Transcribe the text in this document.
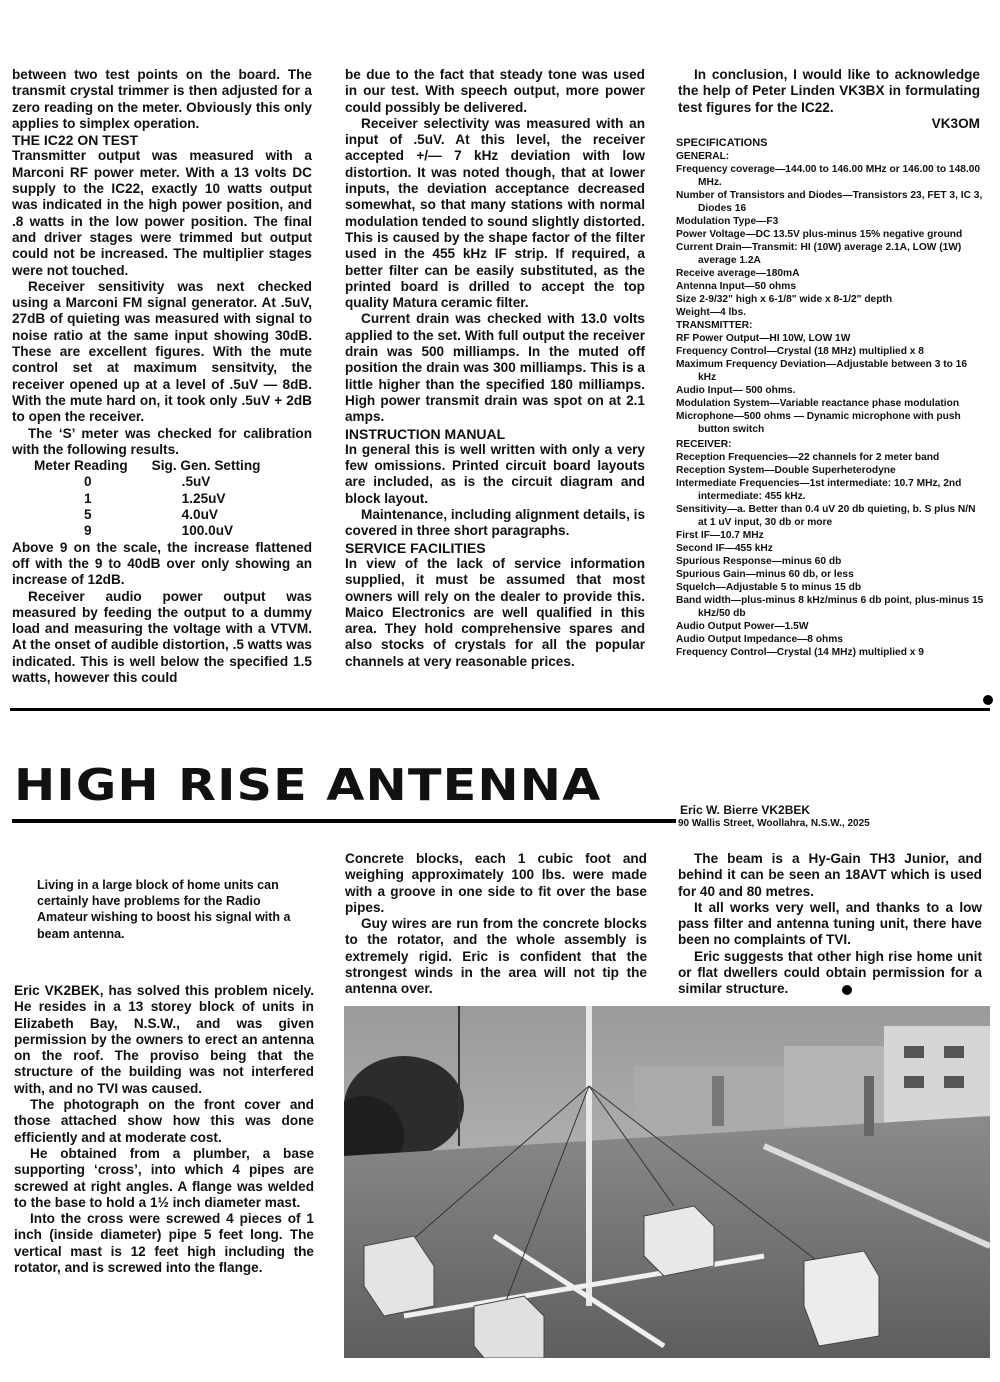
between two test points on the board. The transmit crystal trimmer is then adjusted for a zero reading on the meter. Obviously this only applies to simplex operation.

THE IC22 ON TEST

Transmitter output was measured with a Marconi RF power meter. With a 13 volts DC supply to the IC22, exactly 10 watts output was indicated in the high power position, and .8 watts in the low power position. The final and driver stages were trimmed but output could not be increased. The multiplier stages were not touched.

Receiver sensitivity was next checked using a Marconi FM signal generator. At .5uV, 27dB of quieting was measured with signal to noise ratio at the same input showing 30dB. These are excellent figures. With the mute control set at maximum sensitvity, the receiver opened up at a level of .5uV — 8dB. With the mute hard on, it took only .5uV + 2dB to open the receiver.

The ‘S’ meter was checked for calibration with the following results.

Meter Reading	Sig. Gen. Setting
0	.5uV
1	1.25uV
5	4.0uV
9	100.0uV

Above 9 on the scale, the increase flattened off with the 9 to 40dB over only showing an increase of 12dB.

Receiver audio power output was measured by feeding the output to a dummy load and measuring the voltage with a VTVM. At the onset of audible distortion, .5 watts was indicated. This is well below the specified 1.5 watts, however this could

be due to the fact that steady tone was used in our test. With speech output, more power could possibly be delivered.

Receiver selectivity was measured with an input of .5uV. At this level, the receiver accepted +/— 7 kHz deviation with low distortion. It was noted though, that at lower inputs, the deviation acceptance decreased somewhat, so that many stations with normal modulation tended to sound slightly distorted. This is caused by the shape factor of the filter used in the 455 kHz IF strip. If required, a better filter can be easily substituted, as the printed board is drilled to accept the top quality Matura ceramic filter.

Current drain was checked with 13.0 volts applied to the set. With full output the receiver drain was 500 milliamps. In the muted off position the drain was 300 milliamps. This is a little higher than the specified 180 milliamps. High power transmit drain was spot on at 2.1 amps.

INSTRUCTION MANUAL

In general this is well written with only a very few omissions. Printed circuit board layouts are included, as is the circuit diagram and block layout.

Maintenance, including alignment details, is covered in three short paragraphs.

SERVICE FACILITIES

In view of the lack of service information supplied, it must be assumed that most owners will rely on the dealer to provide this. Maico Electronics are well qualified in this area. They hold comprehensive spares and also stocks of crystals for all the popular channels at very reasonable prices.

In conclusion, I would like to acknowledge the help of Peter Linden VK3BX in formulating test figures for the IC22.

VK3OM

SPECIFICATIONS
GENERAL:
Frequency coverage—144.00 to 146.00 MHz or 146.00 to 148.00 MHz.
Number of Transistors and Diodes—Transistors 23, FET 3, IC 3, Diodes 16
Modulation Type—F3
Power Voltage—DC 13.5V plus-minus 15% negative ground
Current Drain—Transmit: HI (10W) average 2.1A, LOW (1W) average 1.2A
Receive average—180mA
Antenna Input—50 ohms
Size 2-9/32" high x 6-1/8" wide x 8-1/2" depth
Weight—4 lbs.
TRANSMITTER:
RF Power Output—HI 10W, LOW 1W
Frequency Control—Crystal (18 MHz) multiplied x 8
Maximum Frequency Deviation—Adjustable between 3 to 16 kHz
Audio Input— 500 ohms.
Modulation System—Variable reactance phase modulation
Microphone—500 ohms — Dynamic microphone with push button switch
RECEIVER:
Reception Frequencies—22 channels for 2 meter band
Reception System—Double Superheterodyne
Intermediate Frequencies—1st intermediate: 10.7 MHz, 2nd intermediate: 455 kHz.
Sensitivity—a. Better than 0.4 uV 20 db quieting, b. S plus N/N at 1 uV input, 30 db or more
First IF—10.7 MHz
Second IF—455 kHz
Spurious Response—minus 60 db
Spurious Gain—minus 60 db, or less
Squelch—Adjustable 5 to minus 15 db
Band width—plus-minus 8 kHz/minus 6 db point, plus-minus 15 kHz/50 db
Audio Output Power—1.5W
Audio Output Impedance—8 ohms
Frequency Control—Crystal (14 MHz) multiplied x 9
HIGH RISE ANTENNA	Eric W. Bierre VK2BEK
90 Wallis Street, Woollahra, N.S.W., 2025
Living in a large block of home units can certainly have problems for the Radio Amateur wishing to boost his signal with a beam antenna.

Eric VK2BEK, has solved this problem nicely. He resides in a 13 storey block of units in Elizabeth Bay, N.S.W., and was given permission by the owners to erect an antenna on the roof. The proviso being that the structure of the building was not interfered with, and no TVI was caused.

The photograph on the front cover and those attached show how this was done efficiently and at moderate cost.

He obtained from a plumber, a base supporting ‘cross’, into which 4 pipes are screwed at right angles. A flange was welded to the base to hold a 1½ inch diameter mast.

Into the cross were screwed 4 pieces of 1 inch (inside diameter) pipe 5 feet long. The vertical mast is 12 feet high including the rotator, and is screwed into the flange.

Concrete blocks, each 1 cubic foot and weighing approximately 100 lbs. were made with a groove in one side to fit over the base pipes.

Guy wires are run from the concrete blocks to the rotator, and the whole assembly is extremely rigid. Eric is confident that the strongest winds in the area will not tip the antenna over.

The beam is a Hy-Gain TH3 Junior, and behind it can be seen an 18AVT which is used for 40 and 80 metres.

It all works very well, and thanks to a low pass filter and antenna tuning unit, there have been no complaints of TVI.

Eric suggests that other high rise home unit or flat dwellers could obtain permission for a similar structure.
